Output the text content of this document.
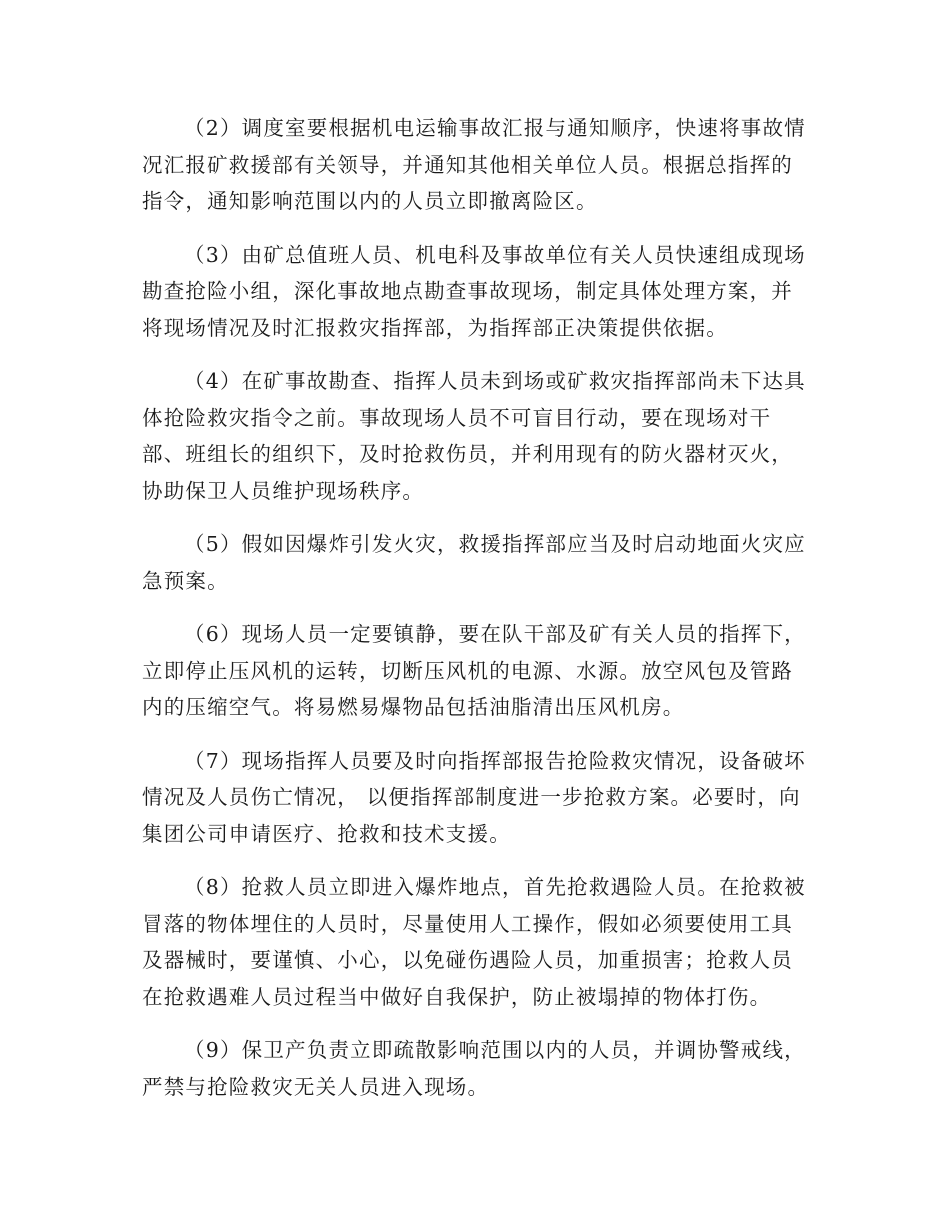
（2）调度室要根据机电运输事故汇报与通知顺序，快速将事故情
况汇报矿救援部有关领导，并通知其他相关单位人员。根据总指挥的
指令，通知影响范围以内的人员立即撤离险区。
（3）由矿总值班人员、机电科及事故单位有关人员快速组成现场
勘查抢险小组，深化事故地点勘查事故现场，制定具体处理方案，并
将现场情况及时汇报救灾指挥部，为指挥部正决策提供依据。
（4）在矿事故勘查、指挥人员未到场或矿救灾指挥部尚未下达具
体抢险救灾指令之前。事故现场人员不可盲目行动，要在现场对干
部、班组长的组织下，及时抢救伤员，并利用现有的防火器材灭火，
协助保卫人员维护现场秩序。
（5）假如因爆炸引发火灾，救援指挥部应当及时启动地面火灾应
急预案。
（6）现场人员一定要镇静，要在队干部及矿有关人员的指挥下，
立即停止压风机的运转，切断压风机的电源、水源。放空风包及管路
内的压缩空气。将易燃易爆物品包括油脂清出压风机房。
（7）现场指挥人员要及时向指挥部报告抢险救灾情况，设备破坏
情况及人员伤亡情况， 以便指挥部制度进一步抢救方案。必要时，向
集团公司申请医疗、抢救和技术支援。
（8）抢救人员立即进入爆炸地点，首先抢救遇险人员。在抢救被
冒落的物体埋住的人员时，尽量使用人工操作，假如必须要使用工具
及器械时，要谨慎、小心，以免碰伤遇险人员，加重损害；抢救人员
在抢救遇难人员过程当中做好自我保护，防止被塌掉的物体打伤。
（9）保卫产负责立即疏散影响范围以内的人员，并调协警戒线，
严禁与抢险救灾无关人员进入现场。
